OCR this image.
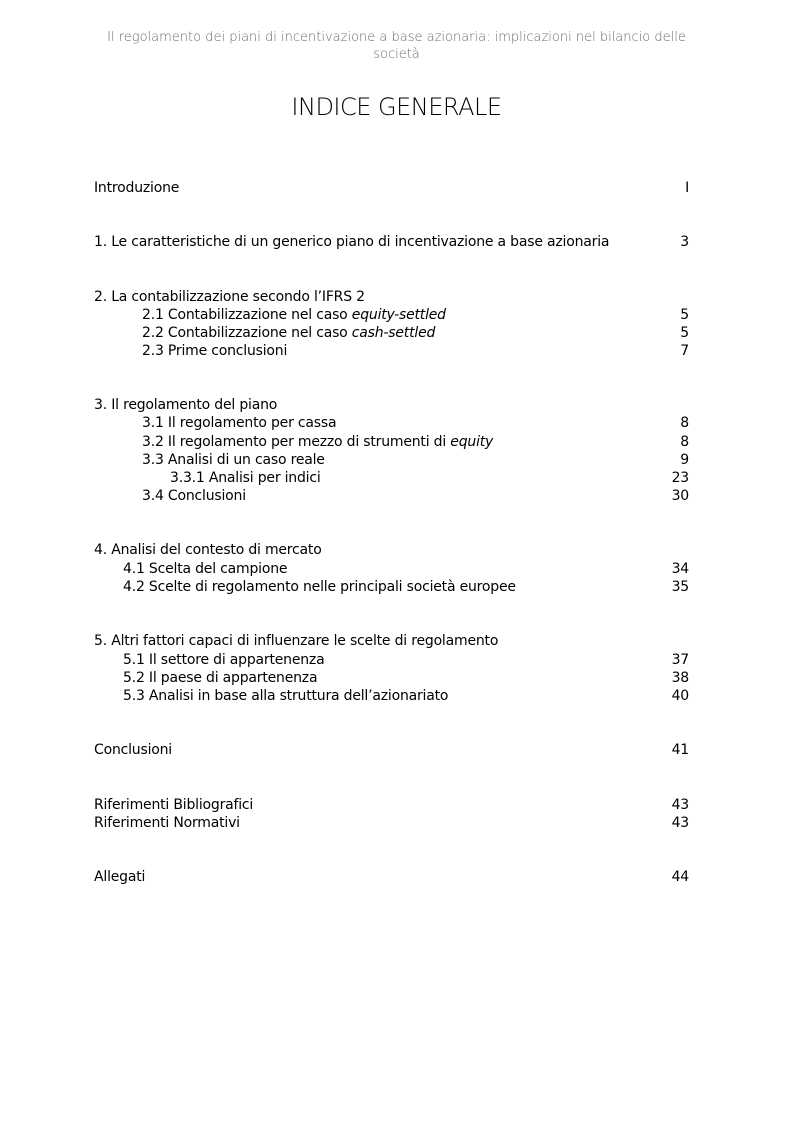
Il regolamento dei piani di incentivazione a base azionaria: implicazioni nel bilancio delle società
INDICE GENERALE
Introduzione	I
1. Le caratteristiche di un generico piano di incentivazione a base azionaria	3
2. La contabilizzazione secondo l’IFRS 2
2.1 Contabilizzazione nel caso equity-settled	5
2.2 Contabilizzazione nel caso cash-settled	5
2.3 Prime conclusioni	7
3. Il regolamento del piano
3.1 Il regolamento per cassa	8
3.2 Il regolamento per mezzo di strumenti di equity	8
3.3 Analisi di un caso reale	9
3.3.1 Analisi per indici	23
3.4 Conclusioni	30
4. Analisi del contesto di mercato
4.1 Scelta del campione	34
4.2 Scelte di regolamento nelle principali società europee	35
5. Altri fattori capaci di influenzare le scelte di regolamento
5.1 Il settore di appartenenza	37
5.2 Il paese di appartenenza	38
5.3 Analisi in base alla struttura dell’azionariato	40
Conclusioni	41
Riferimenti Bibliografici	43
Riferimenti Normativi	43
Allegati	44
